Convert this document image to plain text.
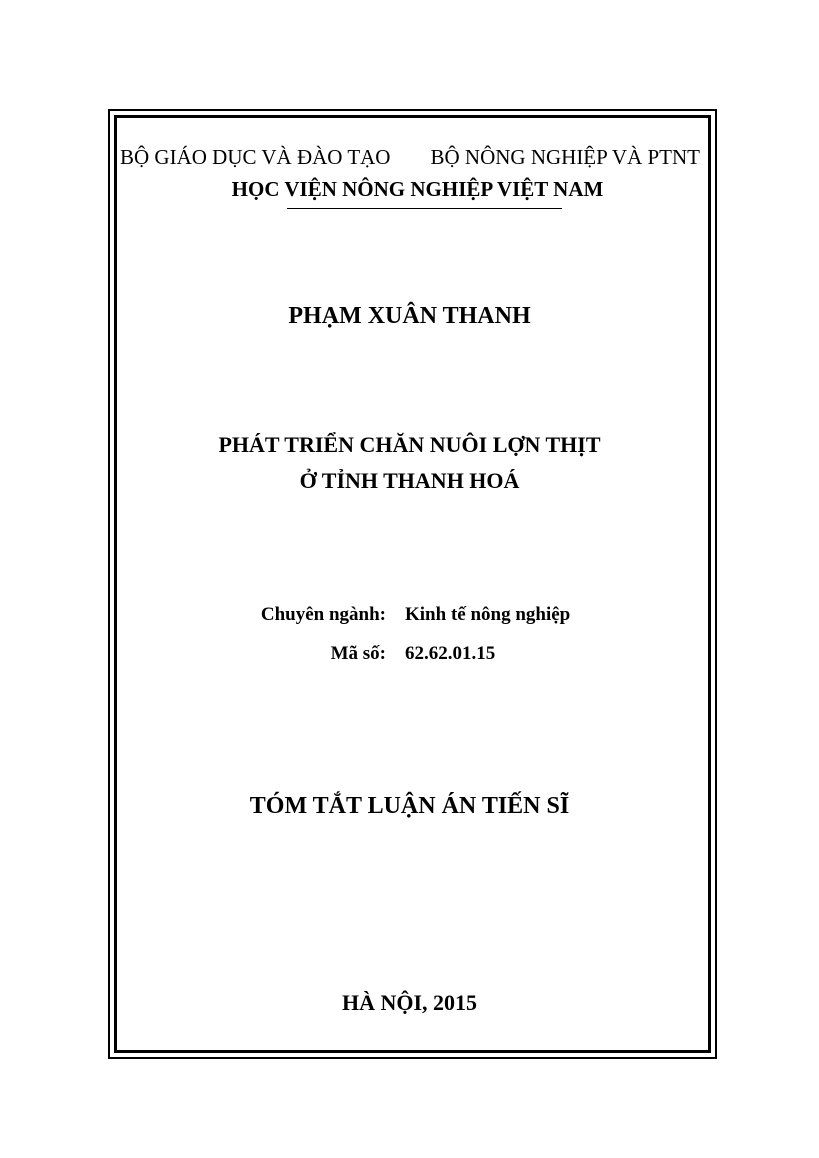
BỘ GIÁO DỤC VÀ ĐÀO TẠO BỘ NÔNG NGHIỆP VÀ PTNT
HỌC VIỆN NÔNG NGHIỆP VIỆT NAM
PHẠM XUÂN THANH
PHÁT TRIỂN CHĂN NUÔI LỢN THỊT
Ở TỈNH THANH HOÁ
Chuyên ngành: Kinh tế nông nghiệp
Mã số: 62.62.01.15
TÓM TẮT LUẬN ÁN TIẾN SĨ
HÀ NỘI, 2015
